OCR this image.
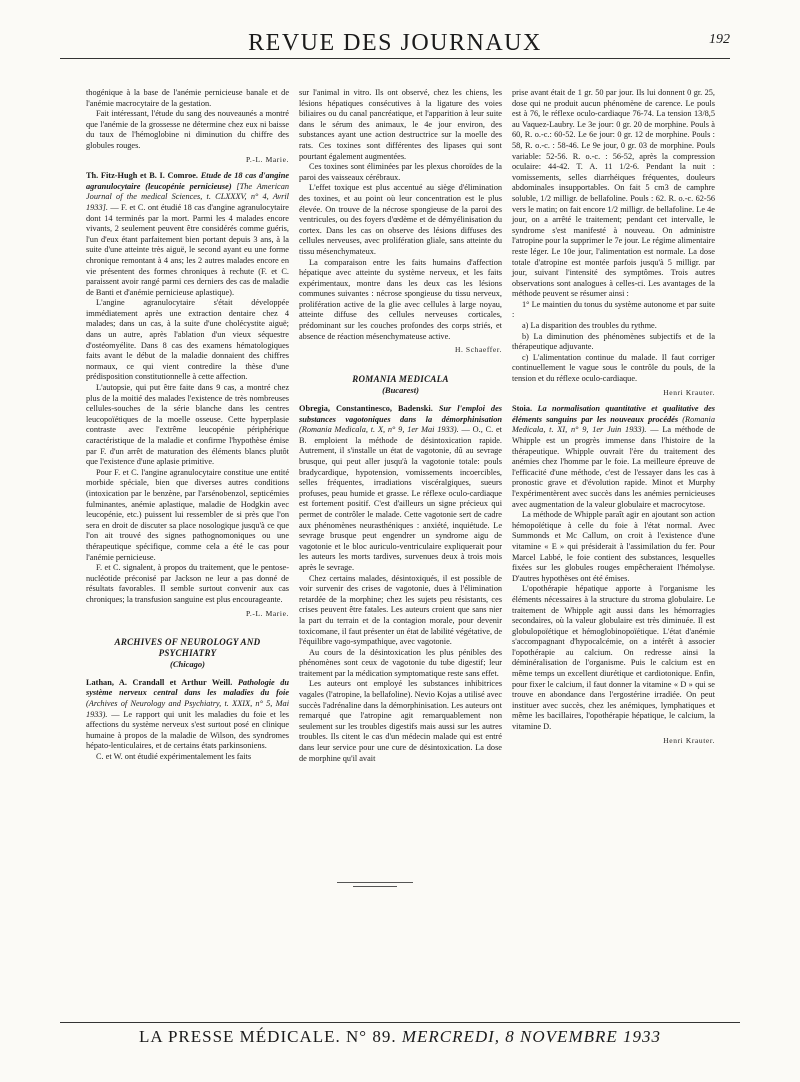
REVUE DES JOURNAUX	192

thogénique à la base de l'anémie pernicieuse banale et de l'anémie macrocytaire de la gestation.

Fait intéressant, l'étude du sang des nouveaunés a montré que l'anémie de la grossesse ne détermine chez eux ni baisse du taux de l'hémoglobine ni diminution du chiffre des globules rouges.

P.-L. Marie.

Th. Fitz-Hugh et B. I. Comroe. Etude de 18 cas d'angine agranulocytaire (leucopénie pernicieuse) [The American Journal of the medical Sciences, t. CLXXXV, n° 4, Avril 1933]. — F. et C. ont étudié 18 cas d'angine agranulocytaire dont 14 terminés par la mort. Parmi les 4 malades encore vivants, 2 seulement peuvent être considérés comme guéris, l'un d'eux étant parfaitement bien portant depuis 3 ans, à la suite d'une atteinte très aiguë, le second ayant eu une forme chronique remontant à 4 ans; les 2 autres malades encore en vie présentent des formes chroniques à rechute (F. et C. paraissent avoir rangé parmi ces derniers des cas de maladie de Banti et d'anémie pernicieuse aplastique).

L'angine agranulocytaire s'était développée immédiatement après une extraction dentaire chez 4 malades; dans un cas, à la suite d'une cholécystite aiguë; dans un autre, après l'ablation d'un vieux séquestre d'ostéomyélite. Dans 8 cas des examens hématologiques faits avant le début de la maladie donnaient des chiffres normaux, ce qui vient contredire la thèse d'une prédisposition constitutionnelle à cette affection.

L'autopsie, qui put être faite dans 9 cas, a montré chez plus de la moitié des malades l'existence de très nombreuses cellules-souches de la série blanche dans les centres leucopoïétiques de la moelle osseuse. Cette hyperplasie contraste avec l'extrême leucopénie périphérique caractéristique de la maladie et confirme l'hypothèse émise par F. d'un arrêt de maturation des éléments blancs plutôt que l'existence d'une aplasie primitive.

Pour F. et C. l'angine agranulocytaire constitue une entité morbide spéciale, bien que diverses autres conditions (intoxication par le benzène, par l'arsénobenzol, septicémies fulminantes, anémie aplastique, maladie de Hodgkin avec leucopénie, etc.) puissent lui ressembler de si près que l'on sera en droit de discuter sa place nosologique jusqu'à ce que l'on ait trouvé des signes pathognomoniques ou une thérapeutique spécifique, comme cela a été le cas pour l'anémie pernicieuse.

F. et C. signalent, à propos du traitement, que le pentose-nucléotide préconisé par Jackson ne leur a pas donné de résultats favorables. Il semble surtout convenir aux cas chroniques; la transfusion sanguine est plus encourageante.

P.-L. Marie.
ARCHIVES OF NEUROLOGY AND PSYCHIATRY
(Chicago)

Lathan, A. Crandall et Arthur Weill. Pathologie du système nerveux central dans les maladies du foie (Archives of Neurology and Psychiatry, t. XXIX, n° 5, Mai 1933). — Le rapport qui unit les maladies du foie et les affections du système nerveux s'est surtout posé en clinique humaine à propos de la maladie de Wilson, des syndromes hépato-lenticulaires, et de certains états parkinsoniens.

C. et W. ont étudié expérimentalement les faits

sur l'animal in vitro. Ils ont observé, chez les chiens, les lésions hépatiques consécutives à la ligature des voies biliaires ou du canal pancréatique, et l'apparition à leur suite dans le sérum des animaux, le 4e jour environ, des substances ayant une action destructrice sur la moelle des rats. Ces toxines sont différentes des lipases qui sont pourtant également augmentées.

Ces toxines sont éliminées par les plexus choroïdes de la paroi des vaisseaux cérébraux.

L'effet toxique est plus accentué au siège d'élimination des toxines, et au point où leur concentration est le plus élevée. On trouve de la nécrose spongieuse de la paroi des ventricules, ou des foyers d'œdème et de démyélinisation du cortex. Dans les cas on observe des lésions diffuses des cellules nerveuses, avec prolifération gliale, sans atteinte du tissu mésenchymateux.

La comparaison entre les faits humains d'affection hépatique avec atteinte du système nerveux, et les faits expérimentaux, montre dans les deux cas les lésions communes suivantes : nécrose spongieuse du tissu nerveux, prolifération active de la glie avec cellules à large noyau, atteinte diffuse des cellules nerveuses corticales, prédominant sur les couches profondes des corps striés, et absence de réaction mésenchymateuse active.

H. Schaeffer.
ROMANIA MEDICALA
(Bucarest)

Obregia, Constantinesco, Badenski. Sur l'emploi des substances vagotoniques dans la démorphinisation (Romania Medicala, t. X, n° 9, 1er Mai 1933). — O., C. et B. emploient la méthode de désintoxication rapide. Autrement, il s'installe un état de vagotonie, dû au sevrage brusque, qui peut aller jusqu'à la vagotonie totale: pouls bradycardique, hypotension, vomissements incoercibles, selles fréquentes, irradiations viscéralgiques, sueurs profuses, peau humide et grasse. Le réflexe oculo-cardiaque est fortement positif. C'est d'ailleurs un signe précieux qui permet de contrôler le malade. Cette vagotonie sert de cadre aux phénomènes neurasthéniques : anxiété, inquiétude. Le sevrage brusque peut engendrer un syndrome aigu de vagotonie et le bloc auriculo-ventriculaire expliquerait pour les auteurs les morts tardives, survenues deux à trois mois après le sevrage.

Chez certains malades, désintoxiqués, il est possible de voir survenir des crises de vagotonie, dues à l'élimination retardée de la morphine; chez les sujets peu résistants, ces crises peuvent être fatales. Les auteurs croient que sans nier la part du terrain et de la contagion morale, pour devenir toxicomane, il faut présenter un état de labilité végétative, de l'équilibre vago-sympathique, avec vagotonie.

Au cours de la désintoxication les plus pénibles des phénomènes sont ceux de vagotonie du tube digestif; leur traitement par la médication symptomatique reste sans effet.

Les auteurs ont employé les substances inhibitrices vagales (l'atropine, la bellafoline). Nevio Kojas a utilisé avec succès l'adrénaline dans la démorphinisation. Les auteurs ont remarqué que l'atropine agit remarquablement non seulement sur les troubles digestifs mais aussi sur les autres troubles. Ils citent le cas d'un médecin malade qui est entré dans leur service pour une cure de désintoxication. La dose de morphine qu'il avait

prise avant était de 1 gr. 50 par jour. Ils lui donnent 0 gr. 25, dose qui ne produit aucun phénomène de carence. Le pouls est à 76, le réflexe oculo-cardiaque 76-74. La tension 13/8,5 au Vaquez-Laubry. Le 3e jour: 0 gr. 20 de morphine. Pouls à 60, R. o.-c.: 60-52. Le 6e jour: 0 gr. 12 de morphine. Pouls : 58, R. o.-c. : 58-46. Le 9e jour, 0 gr. 03 de morphine. Pouls variable: 52-56. R. o.-c. : 56-52, après la compression oculaire: 44-42. T. A. 11 1/2-6. Pendant la nuit : vomissements, selles diarrhéiques fréquentes, douleurs abdominales insupportables. On fait 5 cm3 de camphre soluble, 1/2 milligr. de bellafoline. Pouls : 62. R. o.-c. 62-56 vers le matin; on fait encore 1/2 milligr. de bellafoline. Le 4e jour, on a arrêté le traitement; pendant cet intervalle, le syndrome s'est manifesté à nouveau. On administre l'atropine pour la supprimer le 7e jour. Le régime alimentaire reste léger. Le 10e jour, l'alimentation est normale. La dose totale d'atropine est montée parfois jusqu'à 5 milligr. par jour, suivant l'intensité des symptômes. Trois autres observations sont analogues à celles-ci. Les avantages de la méthode peuvent se résumer ainsi :

1° Le maintien du tonus du système autonome et par suite :

a) La disparition des troubles du rythme.

b) La diminution des phénomènes subjectifs et de la thérapeutique adjuvante.

c) L'alimentation continue du malade. Il faut corriger continuellement le vague sous le contrôle du pouls, de la tension et du réflexe oculo-cardiaque.

Henri Krauter.

Stoia. La normalisation quantitative et qualitative des éléments sanguins par les nouveaux procédés (Romania Medicala, t. XI, n° 9, 1er Juin 1933). — La méthode de Whipple est un progrès immense dans l'histoire de la thérapeutique. Whipple ouvrait l'ère du traitement des anémies chez l'homme par le foie. La meilleure épreuve de l'efficacité d'une méthode, c'est de l'essayer dans les cas à pronostic grave et d'évolution rapide. Minot et Murphy l'expérimentèrent avec succès dans les anémies pernicieuses avec augmentation de la valeur globulaire et macrocytose.

La méthode de Whipple paraît agir en ajoutant son action hémopoïétique à celle du foie à l'état normal. Avec Summonds et Mc Callum, on croit à l'existence d'une vitamine « E » qui présiderait à l'assimilation du fer. Pour Marcel Labbé, le foie contient des substances, lesquelles fixées sur les globules rouges empêcheraient l'hémolyse. D'autres hypothèses ont été émises.

L'opothérapie hépatique apporte à l'organisme les éléments nécessaires à la structure du stroma globulaire. Le traitement de Whipple agit aussi dans les hémorragies secondaires, où la valeur globulaire est très diminuée. Il est globulopoïétique et hémoglobinopoïétique. L'état d'anémie s'accompagnant d'hypocalcémie, on a intérêt à associer l'opothérapie au calcium. On redresse ainsi la déminéralisation de l'organisme. Puis le calcium est en même temps un excellent diurétique et cardiotonique. Enfin, pour fixer le calcium, il faut donner la vitamine « D » qui se trouve en abondance dans l'ergostérine irradiée. On peut instituer avec succès, chez les anémiques, lymphatiques et même les bacillaires, l'opothérapie hépatique, le calcium, la vitamine D.

Henri Krauter.
LA PRESSE MÉDICALE. N° 89. MERCREDI, 8 NOVEMBRE 1933
